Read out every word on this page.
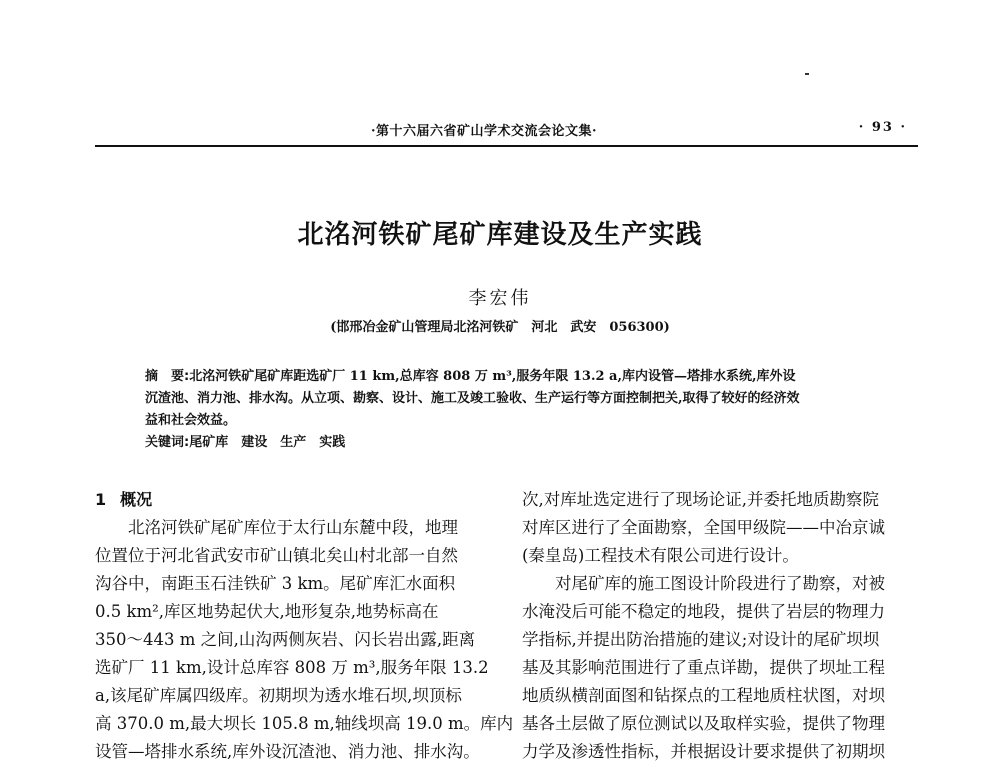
·第十六届六省矿山学术交流会论文集·	· 93 ·
北洺河铁矿尾矿库建设及生产实践
李宏伟
(邯邢冶金矿山管理局北洺河铁矿　河北　武安　056300)

摘　要:北洺河铁矿尾矿库距选矿厂 11 km,总库容 808 万 m³,服务年限 13.2 a,库内设管—塔排水系统,库外设

沉渣池、消力池、排水沟。从立项、勘察、设计、施工及竣工验收、生产运行等方面控制把关,取得了较好的经济效

益和社会效益。

关键词:尾矿库　建设　生产　实践

1 概况

　　北洺河铁矿尾矿库位于太行山东麓中段，地理

位置位于河北省武安市矿山镇北矣山村北部一自然

沟谷中，南距玉石洼铁矿 3 km。尾矿库汇水面积

0.5 km²,库区地势起伏大,地形复杂,地势标高在

350～443 m 之间,山沟两侧灰岩、闪长岩出露,距离

选矿厂 11 km,设计总库容 808 万 m³,服务年限 13.2

a,该尾矿库属四级库。初期坝为透水堆石坝,坝顶标

高 370.0 m,最大坝长 105.8 m,轴线坝高 19.0 m。库内

设管—塔排水系统,库外设沉渣池、消力池、排水沟。

次,对库址选定进行了现场论证,并委托地质勘察院

对库区进行了全面勘察，全国甲级院——中冶京诚

(秦皇岛)工程技术有限公司进行设计。

　　对尾矿库的施工图设计阶段进行了勘察，对被

水淹没后可能不稳定的地段，提供了岩层的物理力

学指标,并提出防治措施的建议;对设计的尾矿坝坝

基及其影响范围进行了重点详勘，提供了坝址工程

地质纵横剖面图和钻探点的工程地质柱状图，对坝

基各土层做了原位测试以及取样实验，提供了物理

力学及渗透性指标，并根据设计要求提供了初期坝
